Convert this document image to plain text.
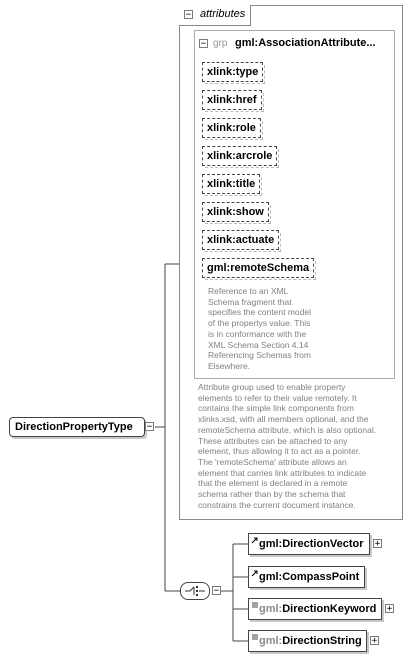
− attributes
− grp gml:AssociationAttribute...
xlink:type
xlink:href
xlink:role
xlink:arcrole
xlink:title
xlink:show
xlink:actuate
gml:remoteSchema
Reference to an XML
Schema fragment that
specifies the content model
of the propertys value. This
is in conformance with the
XML Schema Section 4.14
Referencing Schemas from
Elsewhere.
Attribute group used to enable property
elements to refer to their value remotely. It
contains the simple link components from
xlinks.xsd, with all members optional, and the
remoteSchema attribute, which is also optional.
These attributes can be attached to any
element, thus allowing it to act as a pointer.
The 'remoteSchema' attribute allows an
element that carries link attributes to indicate
that the element is declared in a remote
schema rather than by the schema that
constrains the current document instance.
DirectionPropertyType	−
−
gml:DirectionVector	+
gml:CompassPoint
gml:DirectionKeyword	+
gml:DirectionString	+
